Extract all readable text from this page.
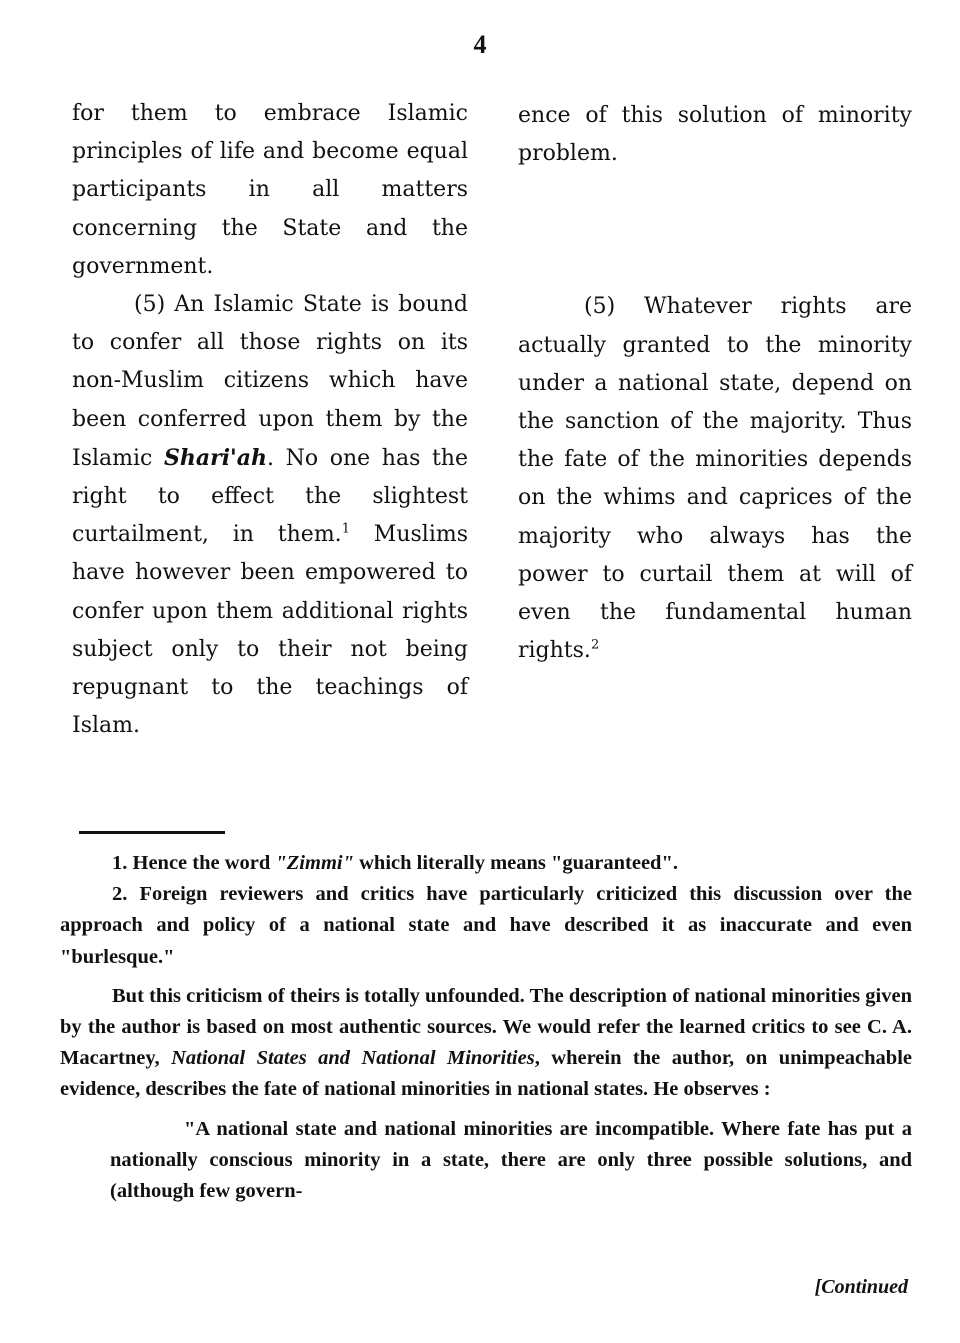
4

for them to embrace Islamic principles of life and become equal participants in all matters concerning the State and the government.

(5) An Islamic State is bound to confer all those rights on its non-Muslim citizens which have been conferred upon them by the Islamic Shari'ah. No one has the right to effect the slightest curtailment, in them.$^1$ Muslims have however been empowered to confer upon them additional rights subject only to their not being repugnant to the teachings of Islam.

ence of this solution of minority problem.

(5) Whatever rights are actually granted to the minority under a national state, depend on the sanction of the majority. Thus the fate of the minorities depends on the whims and caprices of the majority who always has the power to curtail them at will of even the fundamental human rights.$^2$

1. Hence the word "Zimmi" which literally means "guaranteed".

2. Foreign reviewers and critics have particularly criticized this discussion over the approach and policy of a national state and have described it as inaccurate and even "burlesque."

But this criticism of theirs is totally unfounded. The description of national minorities given by the author is based on most authentic sources. We would refer the learned critics to see C. A. Macartney, National States and National Minorities, wherein the author, on unimpeachable evidence, describes the fate of national minorities in national states. He observes :

"A national state and national minorities are incompatible. Where fate has put a nationally conscious minority in a state, there are only three possible solutions, and (although few govern-

[Continued
